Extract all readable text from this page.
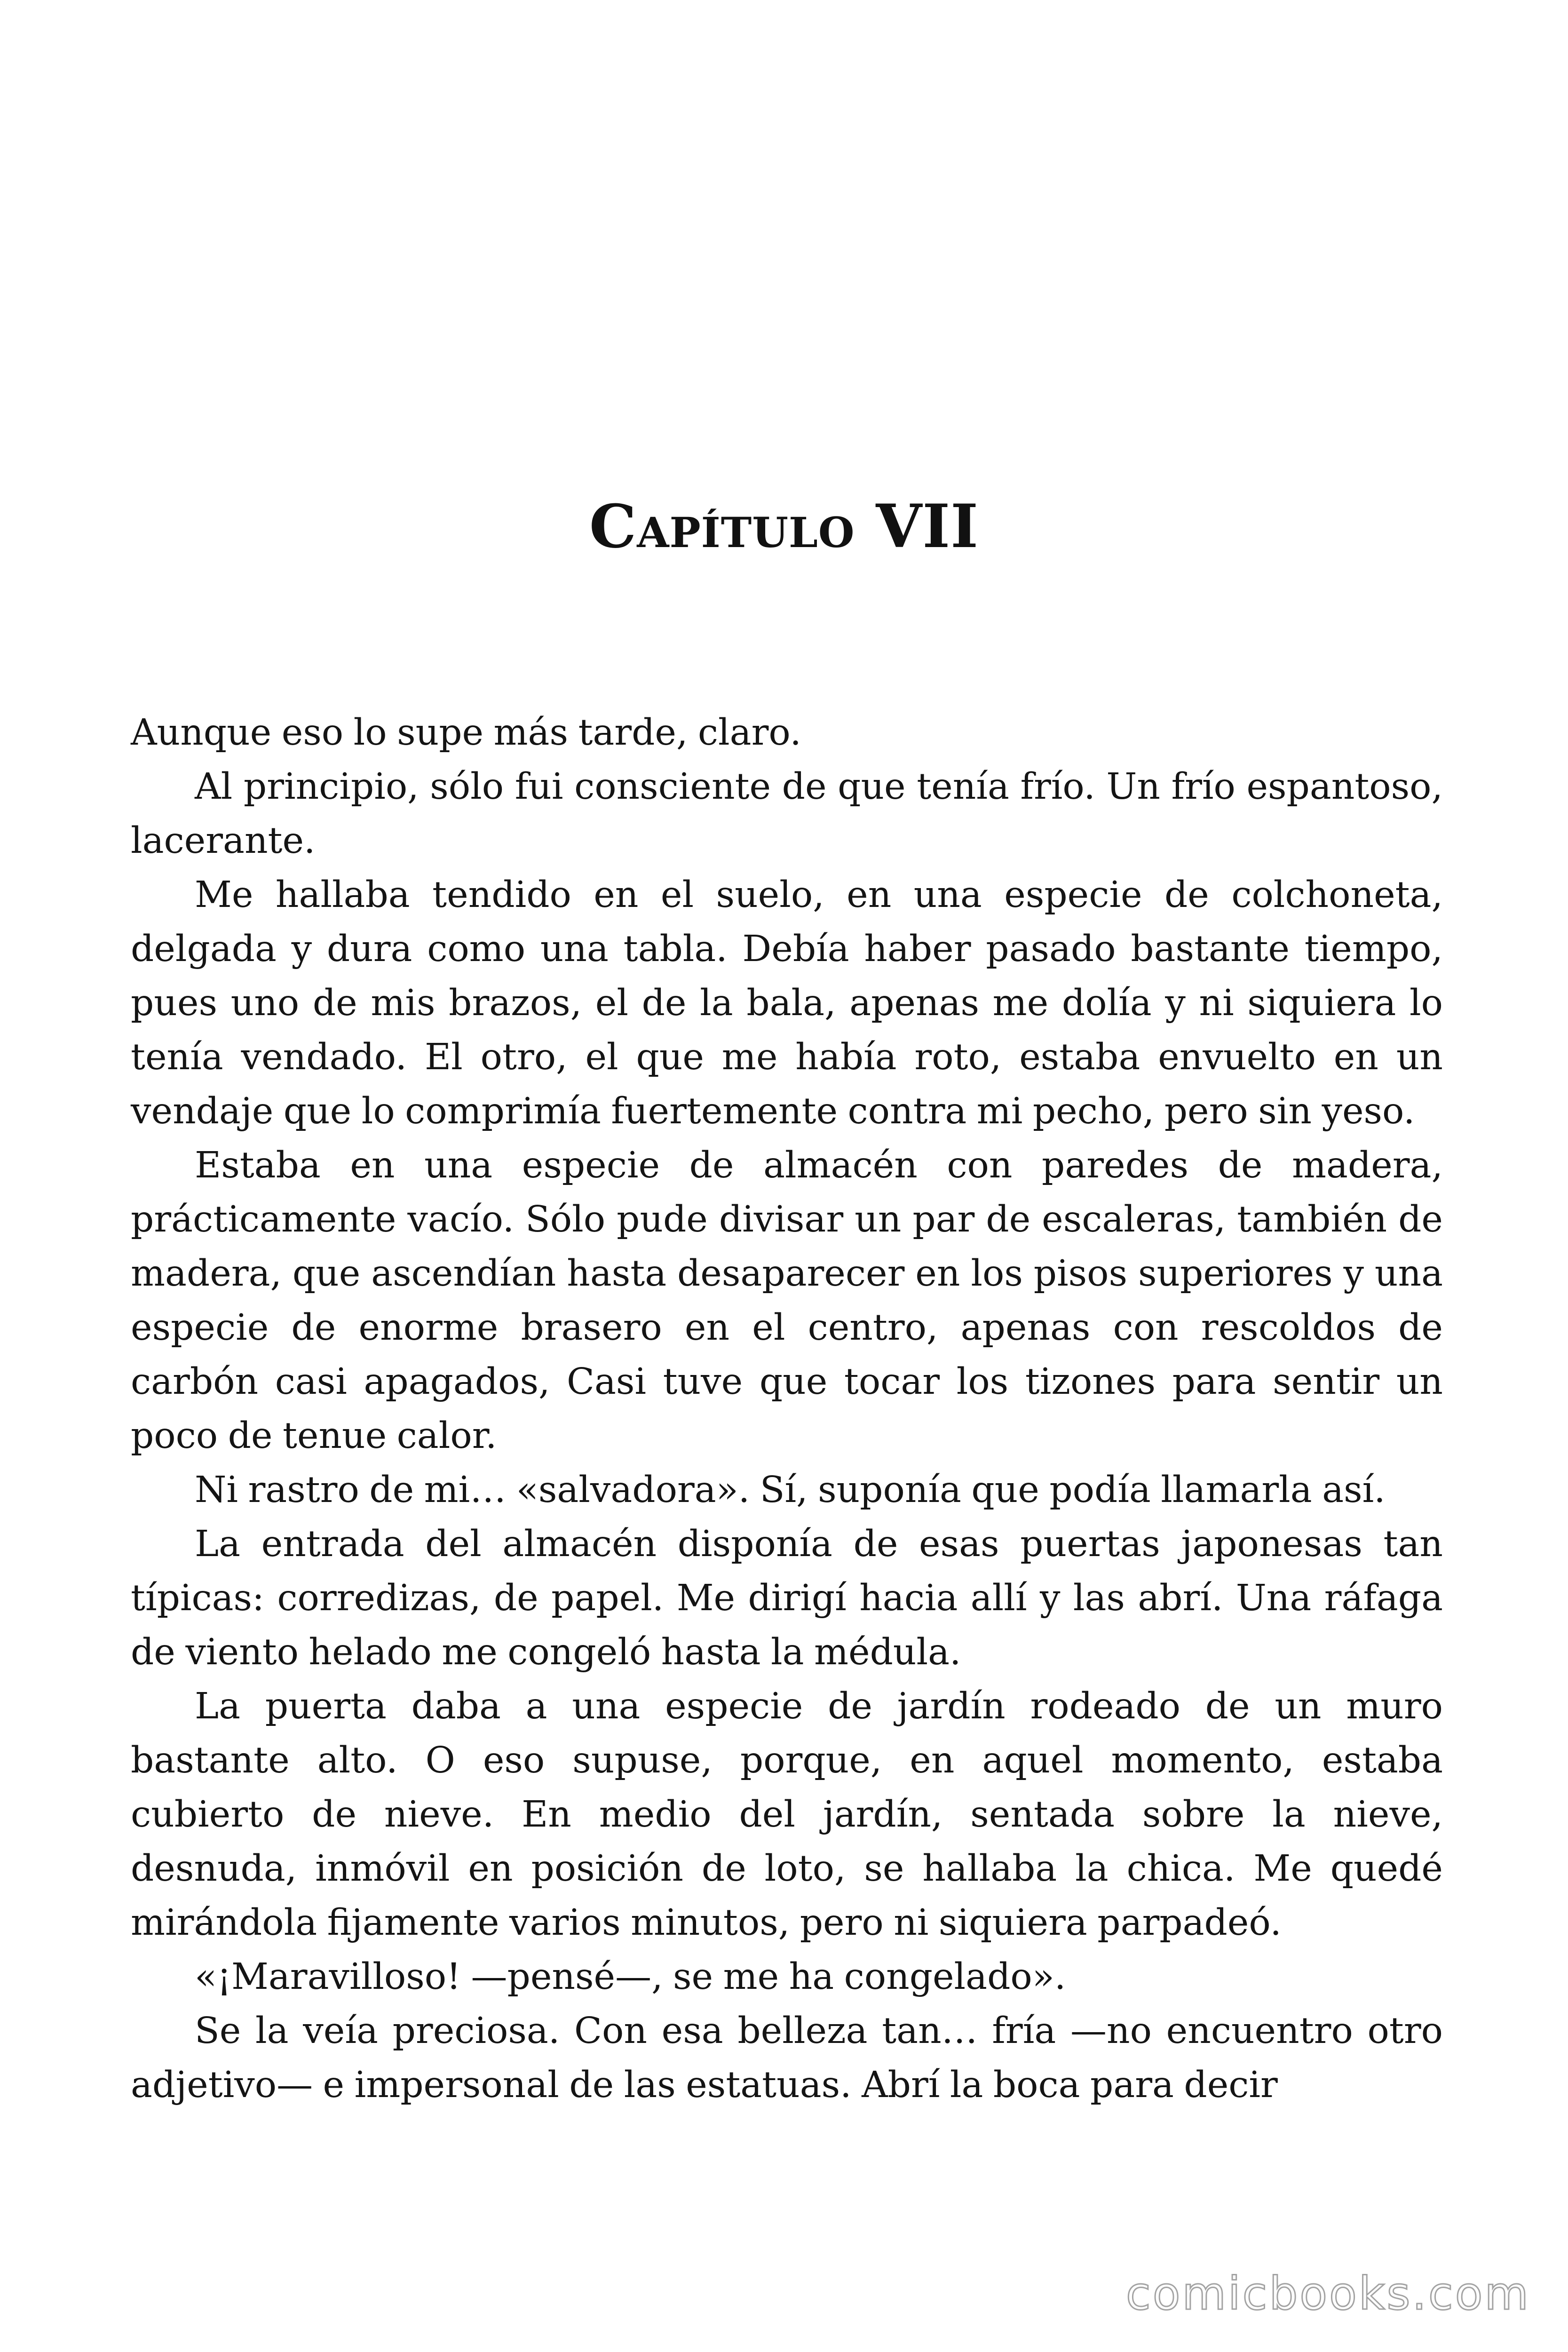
Capítulo VII

Aunque eso lo supe más tarde, claro.

Al principio, sólo fui consciente de que tenía frío. Un frío espantoso, lacerante.

Me hallaba tendido en el suelo, en una especie de colchoneta, delgada y dura como una tabla. Debía haber pasado bastante tiempo, pues uno de mis brazos, el de la bala, apenas me dolía y ni siquiera lo tenía vendado. El otro, el que me había roto, estaba envuelto en un vendaje que lo comprimía fuertemente contra mi pecho, pero sin yeso.

Estaba en una especie de almacén con paredes de madera, prácticamente vacío. Sólo pude divisar un par de escaleras, también de madera, que ascendían hasta desaparecer en los pisos superiores y una especie de enorme brasero en el centro, apenas con rescoldos de carbón casi apagados, Casi tuve que tocar los tizones para sentir un poco de tenue calor.

Ni rastro de mi… «salvadora». Sí, suponía que podía llamarla así.

La entrada del almacén disponía de esas puertas japonesas tan típicas: corredizas, de papel. Me dirigí hacia allí y las abrí. Una ráfaga de viento helado me congeló hasta la médula.

La puerta daba a una especie de jardín rodeado de un muro bastante alto. O eso supuse, porque, en aquel momento, estaba cubierto de nieve. En medio del jardín, sentada sobre la nieve, desnuda, inmóvil en posición de loto, se hallaba la chica. Me quedé mirándola fijamente varios minutos, pero ni siquiera parpadeó.

«¡Maravilloso! —pensé—, se me ha congelado».

Se la veía preciosa. Con esa belleza tan… fría —no encuentro otro adjetivo— e impersonal de las estatuas. Abrí la boca para decir

comicbooks.com
